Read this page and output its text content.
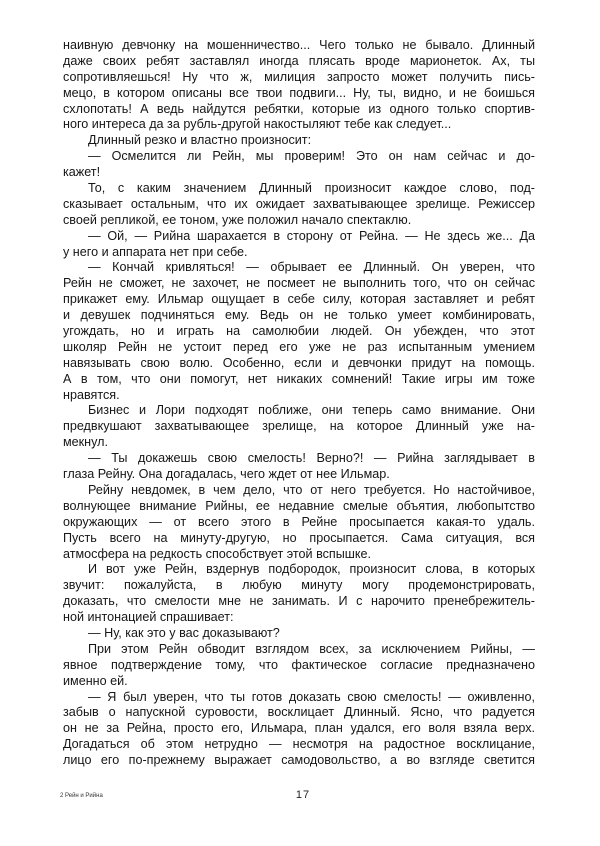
наивную девчонку на мошенничество... Чего только не бывало. Длинный
даже своих ребят заставлял иногда плясать вроде марионеток. Ах, ты
сопротивляешься! Ну что ж, милиция запросто может получить пись-
мецо, в котором описаны все твои подвиги... Ну, ты, видно, и не боишься
схлопотать! А ведь найдутся ребятки, которые из одного только спортив-
ного интереса да за рубль-другой накостыляют тебе как следует...
Длинный резко и властно произносит:
— Осмелится ли Рейн, мы проверим! Это он нам сейчас и до-
кажет!
То, с каким значением Длинный произносит каждое слово, под-
сказывает остальным, что их ожидает захватывающее зрелище. Режиссер
своей репликой, ее тоном, уже положил начало спектаклю.
— Ой, — Рийна шарахается в сторону от Рейна. — Не здесь же... Да
у него и аппарата нет при себе.
— Кончай кривляться! — обрывает ее Длинный. Он уверен, что
Рейн не сможет, не захочет, не посмеет не выполнить того, что он сейчас
прикажет ему. Ильмар ощущает в себе силу, которая заставляет и ребят
и девушек подчиняться ему. Ведь он не только умеет комбинировать,
угождать, но и играть на самолюбии людей. Он убежден, что этот
школяр Рейн не устоит перед его уже не раз испытанным умением
навязывать свою волю. Особенно, если и девчонки придут на помощь.
А в том, что они помогут, нет никаких сомнений! Такие игры им тоже
нравятся.
Бизнес и Лори подходят поближе, они теперь само внимание. Они
предвкушают захватывающее зрелище, на которое Длинный уже на-
мекнул.
— Ты докажешь свою смелость! Верно?! — Рийна заглядывает в
глаза Рейну. Она догадалась, чего ждет от нее Ильмар.
Рейну невдомек, в чем дело, что от него требуется. Но настойчивое,
волнующее внимание Рийны, ее недавние смелые объятия, любопытство
окружающих — от всего этого в Рейне просыпается какая-то удаль.
Пусть всего на минуту-другую, но просыпается. Сама ситуация, вся
атмосфера на редкость способствует этой вспышке.
И вот уже Рейн, вздернув подбородок, произносит слова, в которых
звучит: пожалуйста, в любую минуту могу продемонстрировать,
доказать, что смелости мне не занимать. И с нарочито пренебрежитель-
ной интонацией спрашивает:
— Ну, как это у вас доказывают?
При этом Рейн обводит взглядом всех, за исключением Рийны, —
явное подтверждение тому, что фактическое согласие предназначено
именно ей.
— Я был уверен, что ты готов доказать свою смелость! — оживленно,
забыв о напускной суровости, восклицает Длинный. Ясно, что радуется
он не за Рейна, просто его, Ильмара, план удался, его воля взяла верх.
Догадаться об этом нетрудно — несмотря на радостное восклицание,
лицо его по-прежнему выражает самодовольство, а во взгляде светится
2 Рейн и Рийна	17
